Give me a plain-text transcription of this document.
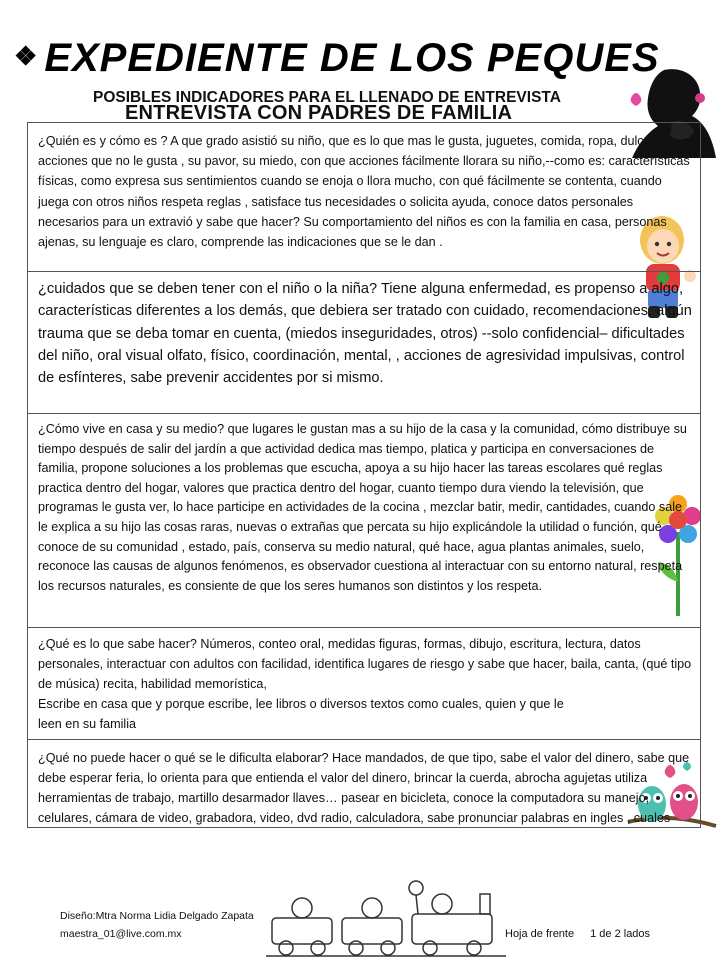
❖ EXPEDIENTE DE LOS PEQUES
POSIBLES INDICADORES PARA EL LLENADO DE ENTREVISTA
ENTREVISTA CON PADRES DE FAMILIA
¿Quién es y cómo es ? A que grado asistió su niño, que es lo que mas le gusta, juguetes, comida, ropa, dulces acciones que no le gusta , su pavor, su miedo, con que acciones fácilmente llorara su niño,--como es: características físicas, como expresa sus sentimientos cuando se enoja o llora mucho, con qué fácilmente se contenta, cuando juega con otros niños respeta reglas , satisface tus necesidades o solicita ayuda, conoce datos personales necesarios para un extravió y sabe que hacer? Su comportamiento del niños es con la familia en casa, personas ajenas, su lenguaje es claro, comprende las indicaciones que se le dan .
¿cuidados que se deben tener con el niño o la niña? Tiene alguna enfermedad, es propenso a algo, características diferentes a los demás, que debiera ser tratado con cuidado, recomendaciones, algún trauma que se deba tomar en cuenta, (miedos inseguridades, otros) --solo confidencial– dificultades del niño, oral visual olfato, físico, coordinación, mental, , acciones de agresividad impulsivas, control de esfínteres, sabe prevenir accidentes por si mismo.
¿Cómo vive en casa y su medio? que lugares le gustan mas a su hijo de la casa y la comunidad, cómo distribuye su tiempo después de salir del jardín a que actividad dedica mas tiempo, platica y participa en conversaciones de familia, propone soluciones a los problemas que escucha, apoya a su hijo hacer las tareas escolares qué reglas practica dentro del hogar, valores que practica dentro del hogar, cuanto tiempo dura viendo la televisión, que programas le gusta ver, lo hace participe en actividades de la cocina , mezclar batir, medir, cantidades, cuando sale le explica a su hijo las cosas raras, nuevas o extrañas que percata su hijo explicándole la utilidad o función, qué conoce de su comunidad , estado, país, conserva su medio natural, qué hace, agua plantas animales, suelo, reconoce las causas de algunos fenómenos, es observador cuestiona al interactuar con su entorno natural, respeta los recursos naturales, es consiente de que los seres humanos son distintos y los respeta.
¿Qué es lo que sabe hacer? Números, conteo oral, medidas figuras, formas, dibujo, escritura, lectura, datos personales, interactuar con adultos con facilidad, identifica lugares de riesgo y sabe que hacer, baila, canta, (qué tipo de música) recita, habilidad memorística,
Escribe en casa que y porque escribe, lee libros o diversos textos como cuales, quien y que le
leen en su familia
¿Qué no puede hacer o qué se le dificulta elaborar? Hace mandados, de que tipo, sabe el valor del dinero, sabe que debe esperar feria, lo orienta para que entienda el valor del dinero, brincar la cuerda, abrocha agujetas utiliza herramientas de trabajo, martillo desarmador llaves… pasear en bicicleta, conoce la computadora su manejo, celulares, cámara de video, grabadora, video, dvd radio, calculadora, sabe pronunciar palabras en ingles , cuales
Diseño:Mtra Norma Lidia Delgado Zapata
maestra_01@live.com.mx	Hoja de frente 1 de 2 lados
